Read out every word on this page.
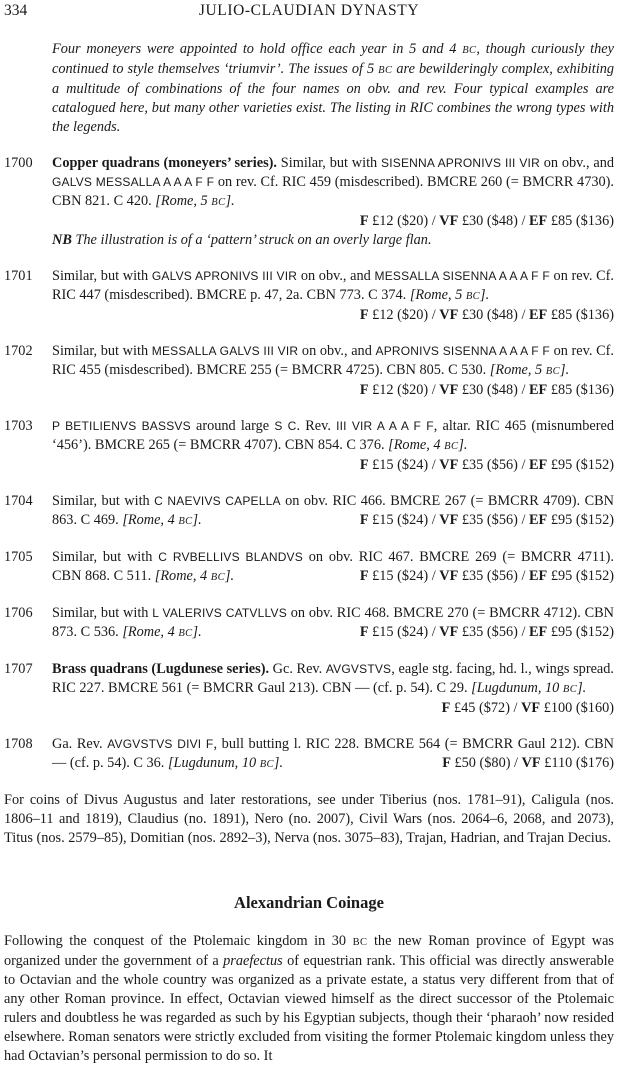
334	JULIO-CLAUDIAN DYNASTY
Four moneyers were appointed to hold office each year in 5 and 4 BC, though curiously they continued to style themselves ‘triumvir’. The issues of 5 BC are bewilderingly complex, exhibiting a multitude of combinations of the four names on obv. and rev. Four typical examples are catalogued here, but many other varieties exist. The listing in RIC combines the wrong types with the legends.
1700	Copper quadrans (moneyers’ series). Similar, but with SISENNA APRONIVS III VIR on obv., and GALVS MESSALLA A A A F F on rev. Cf. RIC 459 (misdescribed). BMCRE 260 (= BMCRR 4730). CBN 821. C 420. [Rome, 5 BC].
F £12 ($20) / VF £30 ($48) / EF £85 ($136)
NB The illustration is of a ‘pattern’ struck on an overly large flan.
1701	Similar, but with GALVS APRONIVS III VIR on obv., and MESSALLA SISENNA A A A F F on rev. Cf. RIC 447 (misdescribed). BMCRE p. 47, 2a. CBN 773. C 374. [Rome, 5 BC].
F £12 ($20) / VF £30 ($48) / EF £85 ($136)
1702	Similar, but with MESSALLA GALVS III VIR on obv., and APRONIVS SISENNA A A A F F on rev. Cf. RIC 455 (misdescribed). BMCRE 255 (= BMCRR 4725). CBN 805. C 530. [Rome, 5 BC].
F £12 ($20) / VF £30 ($48) / EF £85 ($136)
1703	P BETILIENVS BASSVS around large S C. Rev. III VIR A A A F F, altar. RIC 465 (misnumbered ‘456’). BMCRE 265 (= BMCRR 4707). CBN 854. C 376. [Rome, 4 BC].
F £15 ($24) / VF £35 ($56) / EF £95 ($152)
1704	Similar, but with C NAEVIVS CAPELLA on obv. RIC 466. BMCRE 267 (= BMCRR 4709). CBN 863. C 469. [Rome, 4 BC].	F £15 ($24) / VF £35 ($56) / EF £95 ($152)
1705	Similar, but with C RVBELLIVS BLANDVS on obv. RIC 467. BMCRE 269 (= BMCRR 4711). CBN 868. C 511. [Rome, 4 BC].	F £15 ($24) / VF £35 ($56) / EF £95 ($152)
1706	Similar, but with L VALERIVS CATVLLVS on obv. RIC 468. BMCRE 270 (= BMCRR 4712). CBN 873. C 536. [Rome, 4 BC].	F £15 ($24) / VF £35 ($56) / EF £95 ($152)
1707	Brass quadrans (Lugdunese series). Gc. Rev. AVGVSTVS, eagle stg. facing, hd. l., wings spread. RIC 227. BMCRE 561 (= BMCRR Gaul 213). CBN — (cf. p. 54). C 29. [Lugdunum, 10 BC].
F £45 ($72) / VF £100 ($160)
1708	Ga. Rev. AVGVSTVS DIVI F, bull butting l. RIC 228. BMCRE 564 (= BMCRR Gaul 212). CBN — (cf. p. 54). C 36. [Lugdunum, 10 BC].	F £50 ($80) / VF £110 ($176)
For coins of Divus Augustus and later restorations, see under Tiberius (nos. 1781–91), Caligula (nos. 1806–11 and 1819), Claudius (no. 1891), Nero (no. 2007), Civil Wars (nos. 2064–6, 2068, and 2073), Titus (nos. 2579–85), Domitian (nos. 2892–3), Nerva (nos. 3075–83), Trajan, Hadrian, and Trajan Decius.
Alexandrian Coinage
Following the conquest of the Ptolemaic kingdom in 30 BC the new Roman province of Egypt was organized under the government of a praefectus of equestrian rank. This official was directly answerable to Octavian and the whole country was organized as a private estate, a status very different from that of any other Roman province. In effect, Octavian viewed himself as the direct successor of the Ptolemaic rulers and doubtless he was regarded as such by his Egyptian subjects, though their ‘pharaoh’ now resided elsewhere. Roman senators were strictly excluded from visiting the former Ptolemaic kingdom unless they had Octavian’s personal permission to do so. It
